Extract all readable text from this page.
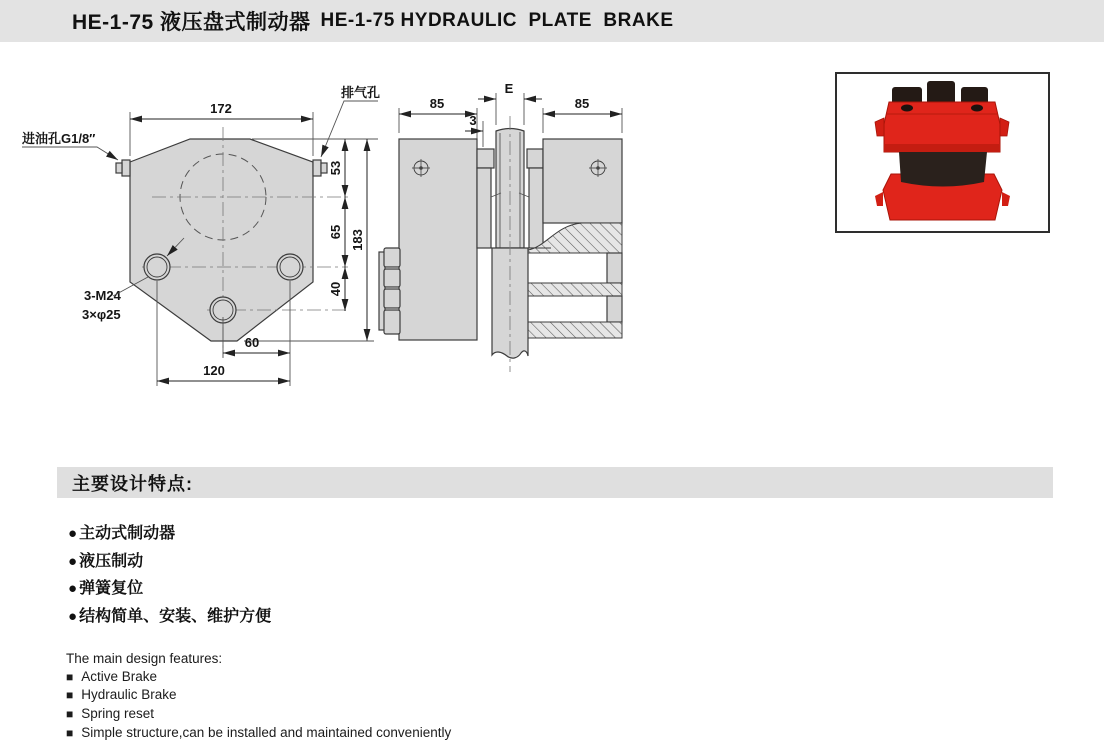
HE-1-75 液压盘式制动器 HE-1-75 HYDRAULIC  PLATE  BRAKE
172
53
65
40
183
60
120
排气孔
进油孔G1/8″
3-M24
3×φ25
85	85
E
3
主要设计特点:
● 主动式制动器
● 液压制动
● 弹簧复位
● 结构简单、安装、维护方便
The main design features:
■ Active Brake
■ Hydraulic Brake
■ Spring reset
■ Simple structure,can be installed and maintained conveniently
